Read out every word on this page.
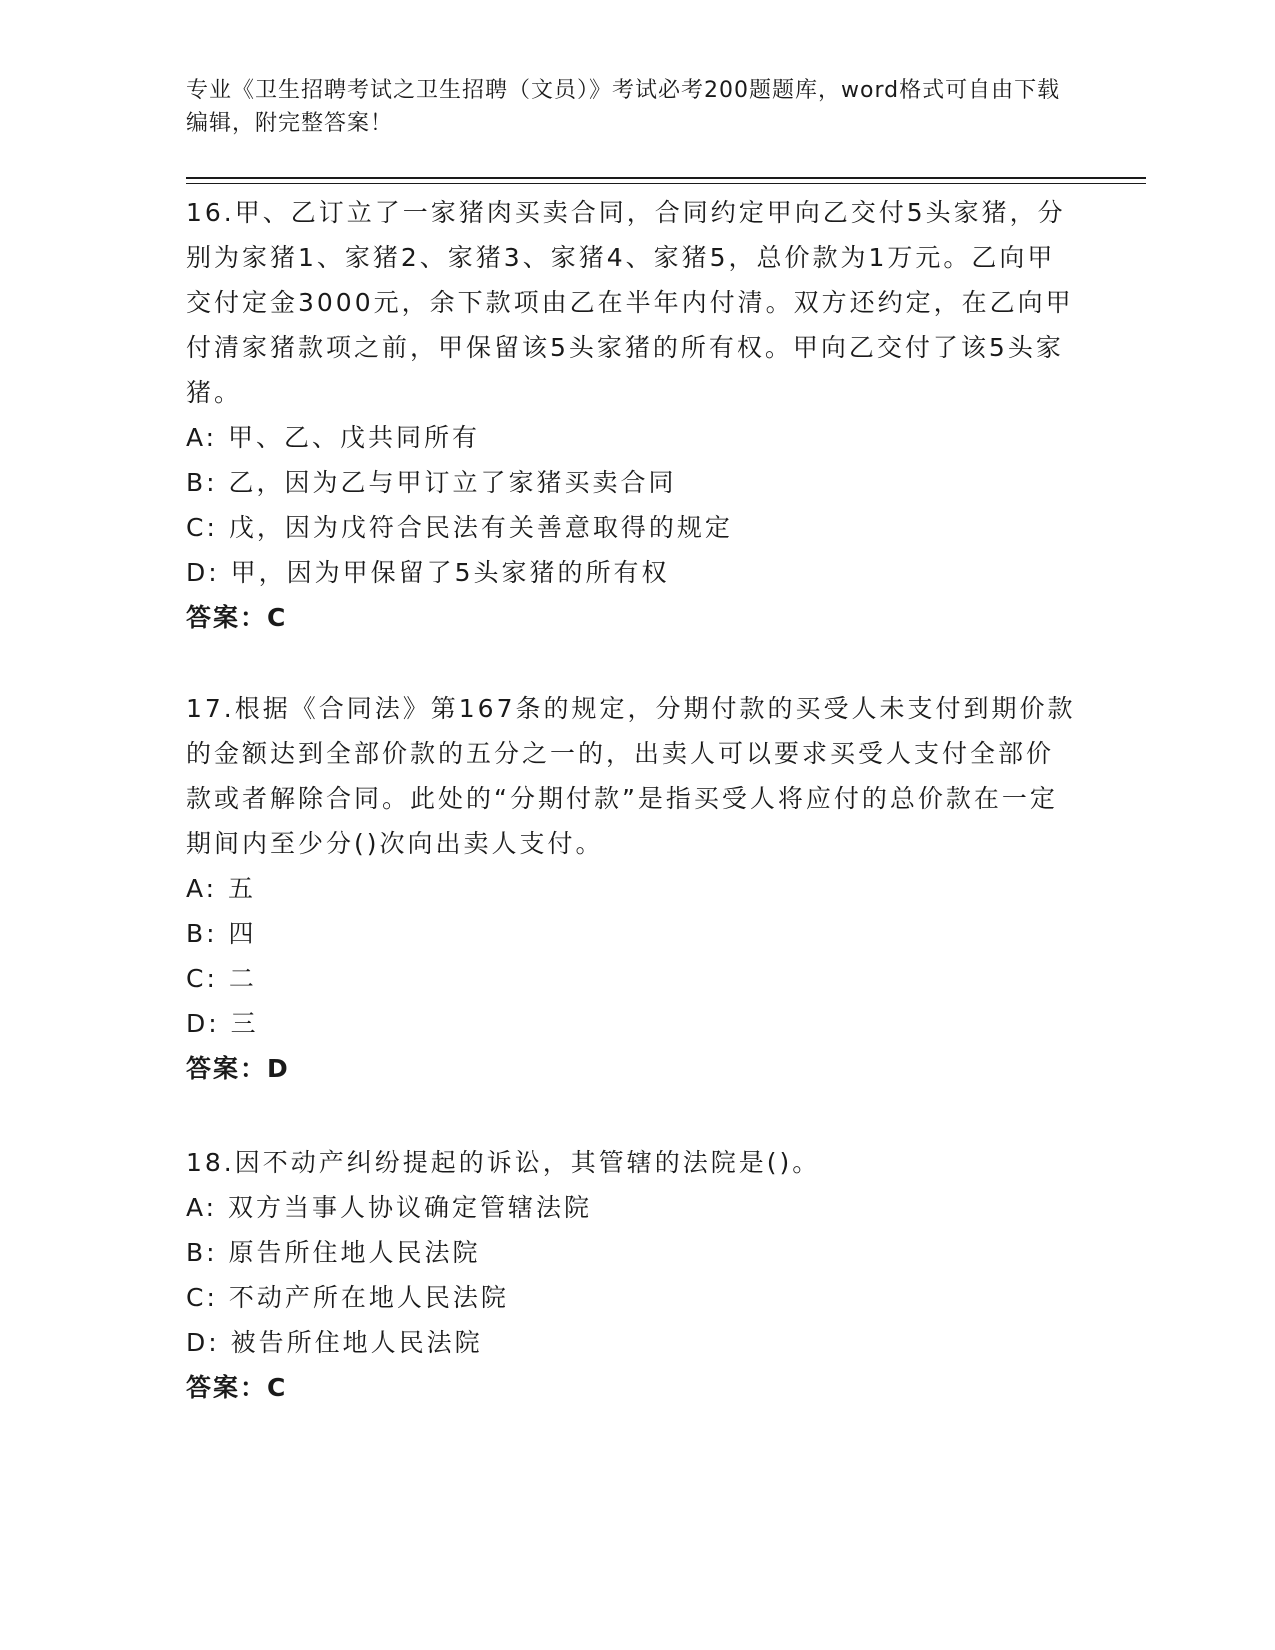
专业《卫生招聘考试之卫生招聘（文员）》考试必考200题题库，word格式可自由下载编辑，附完整答案！

16.甲、乙订立了一家猪肉买卖合同，合同约定甲向乙交付5头家猪，分别为家猪1、家猪2、家猪3、家猪4、家猪5，总价款为1万元。乙向甲交付定金3000元，余下款项由乙在半年内付清。双方还约定，在乙向甲付清家猪款项之前，甲保留该5头家猪的所有权。甲向乙交付了该5头家猪。

A: 甲、乙、戊共同所有

B: 乙，因为乙与甲订立了家猪买卖合同

C: 戊，因为戊符合民法有关善意取得的规定

D: 甲，因为甲保留了5头家猪的所有权

答案：C

17.根据《合同法》第167条的规定，分期付款的买受人未支付到期价款的金额达到全部价款的五分之一的，出卖人可以要求买受人支付全部价款或者解除合同。此处的“分期付款”是指买受人将应付的总价款在一定期间内至少分()次向出卖人支付。

A: 五

B: 四

C: 二

D: 三

答案：D

18.因不动产纠纷提起的诉讼，其管辖的法院是()。

A: 双方当事人协议确定管辖法院

B: 原告所住地人民法院

C: 不动产所在地人民法院

D: 被告所住地人民法院

答案：C
